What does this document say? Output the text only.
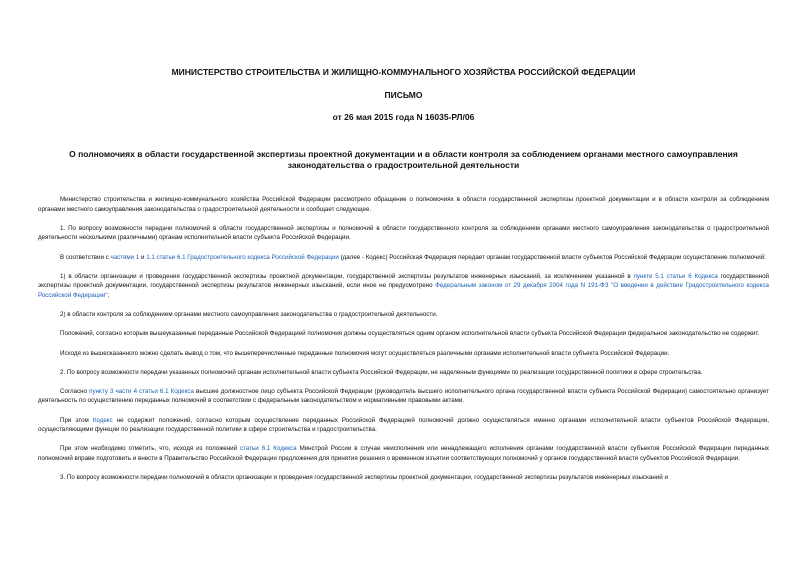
МИНИСТЕРСТВО СТРОИТЕЛЬСТВА И ЖИЛИЩНО-КОММУНАЛЬНОГО ХОЗЯЙСТВА РОССИЙСКОЙ ФЕДЕРАЦИИ
ПИСЬМО
от 26 мая 2015 года N 16035-РЛ/06
О полномочиях в области государственной экспертизы проектной документации и в области контроля за соблюдением органами местного самоуправления законодательства о градостроительной деятельности

Министерство строительства и жилищно-коммунального хозяйства Российской Федерации рассмотрело обращение о полномочиях в области государственной экспертизы проектной документации и в области контроля за соблюдением органами местного самоуправления законодательства о градостроительной деятельности и сообщает следующее.

1. По вопросу возможности передачи полномочий в области государственной экспертизы и полномочий в области государственного контроля за соблюдением органами местного самоуправления законодательства о градостроительной деятельности несколькими (различными) органам исполнительной власти субъекта Российской Федерации.

В соответствии с частями 1 и 1.1 статьи 6.1 Градостроительного кодекса Российской Федерации (далее - Кодекс) Российская Федерация передает органам государственной власти субъектов Российской Федерации осуществление полномочий:

1) в области организации и проведения государственной экспертизы проектной документации, государственной экспертизы результатов инженерных изысканий, за исключением указанной в пункте 5.1 статьи 6 Кодекса государственной экспертизы проектной документации, государственной экспертизы результатов инженерных изысканий, если иное не предусмотрено Федеральным законом от 29 декабря 2004 года N 191-ФЗ "О введении в действие Градостроительного кодекса Российской Федерации";

2) в области контроля за соблюдением органами местного самоуправления законодательства о градостроительной деятельности.

Положений, согласно которым вышеуказанные переданные Российской Федерацией полномочия должны осуществляться одним органом исполнительной власти субъекта Российской Федерации федеральное законодательство не содержит.

Исходя из вышесказанного можно сделать вывод о том, что вышеперечисленные переданные полномочия могут осуществляться различными органами исполнительной власти субъекта Российской Федерации.

2. По вопросу возможности передачи указанных полномочий органам исполнительной власти субъекта Российской Федерации, не наделенным функциями по реализации государственной политики в сфере строительства.

Согласно пункту 3 части 4 статьи 6.1 Кодекса высшее должностное лицо субъекта Российской Федерации (руководитель высшего исполнительного органа государственной власти субъекта Российской Федерации) самостоятельно организует деятельность по осуществлению переданных полномочий в соответствии с федеральным законодательством и нормативными правовыми актами.

При этом Кодекс не содержит положений, согласно которым осуществление переданных Российской Федерацией полномочий должно осуществляться именно органами исполнительной власти субъектов Российской Федерации, осуществляющими функции по реализации государственной политики в сфере строительства и градостроительства.

При этом необходимо отметить, что, исходя из положений статьи 6.1 Кодекса Минстрой России в случае неисполнения или ненадлежащего исполнения органами государственной власти субъектов Российской Федерации переданных полномочий вправе подготовить и внести в Правительство Российской Федерации предложения для принятия решения о временном изъятии соответствующих полномочий у органов государственной власти субъектов Российской Федерации.

3. По вопросу возможности передачи полномочий в области организации и проведения государственной экспертизы проектной документации, государственной экспертизы результатов инженерных изысканий и
